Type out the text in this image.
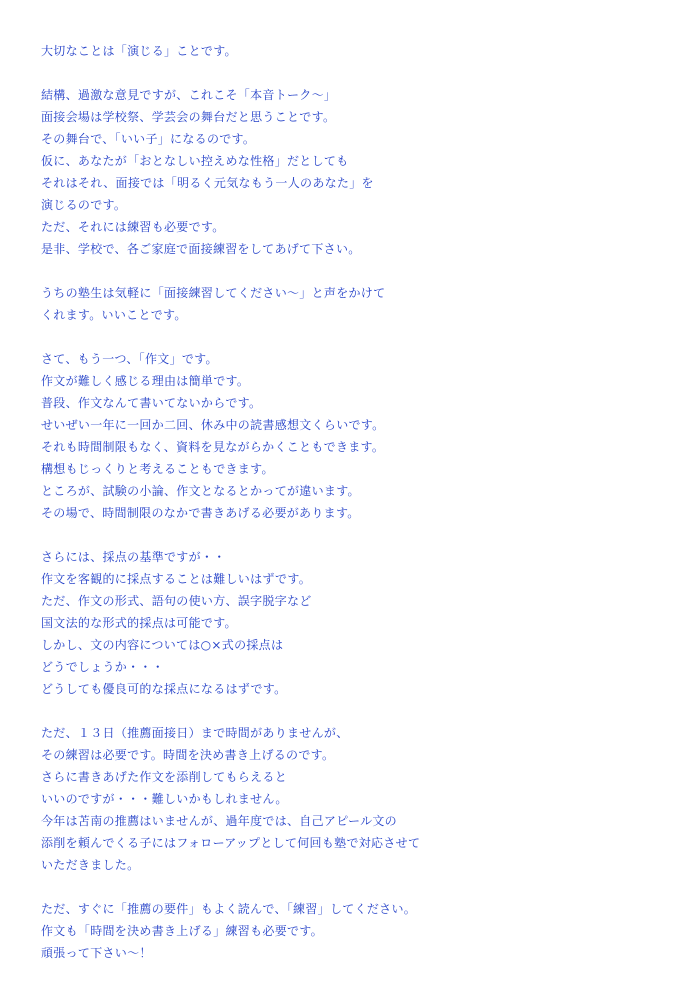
大切なことは「演じる」ことです。
結構、過激な意見ですが、これこそ「本音トーク～」
面接会場は学校祭、学芸会の舞台だと思うことです。
その舞台で、「いい子」になるのです。
仮に、あなたが「おとなしい控えめな性格」だとしても
それはそれ、面接では「明るく元気なもう一人のあなた」を
演じるのです。
ただ、それには練習も必要です。
是非、学校で、各ご家庭で面接練習をしてあげて下さい。
うちの塾生は気軽に「面接練習してください～」と声をかけて
くれます。いいことです。
さて、もう一つ、「作文」です。
作文が難しく感じる理由は簡単です。
普段、作文なんて書いてないからです。
せいぜい一年に一回か二回、休み中の読書感想文くらいです。
それも時間制限もなく、資料を見ながらかくこともできます。
構想もじっくりと考えることもできます。
ところが、試験の小論、作文となるとかってが違います。
その場で、時間制限のなかで書きあげる必要があります。
さらには、採点の基準ですが・・
作文を客観的に採点することは難しいはずです。
ただ、作文の形式、語句の使い方、誤字脱字など
国文法的な形式的採点は可能です。
しかし、文の内容については○×式の採点は
どうでしょうか・・・
どうしても優良可的な採点になるはずです。
ただ、１３日（推薦面接日）まで時間がありませんが、
その練習は必要です。時間を決め書き上げるのです。
さらに書きあげた作文を添削してもらえると
いいのですが・・・難しいかもしれません。
今年は苫南の推薦はいませんが、過年度では、自己アピール文の
添削を頼んでくる子にはフォローアップとして何回も塾で対応させて
いただきました。
ただ、すぐに「推薦の要件」もよく読んで、「練習」してください。
作文も「時間を決め書き上げる」練習も必要です。
頑張って下さい～！
